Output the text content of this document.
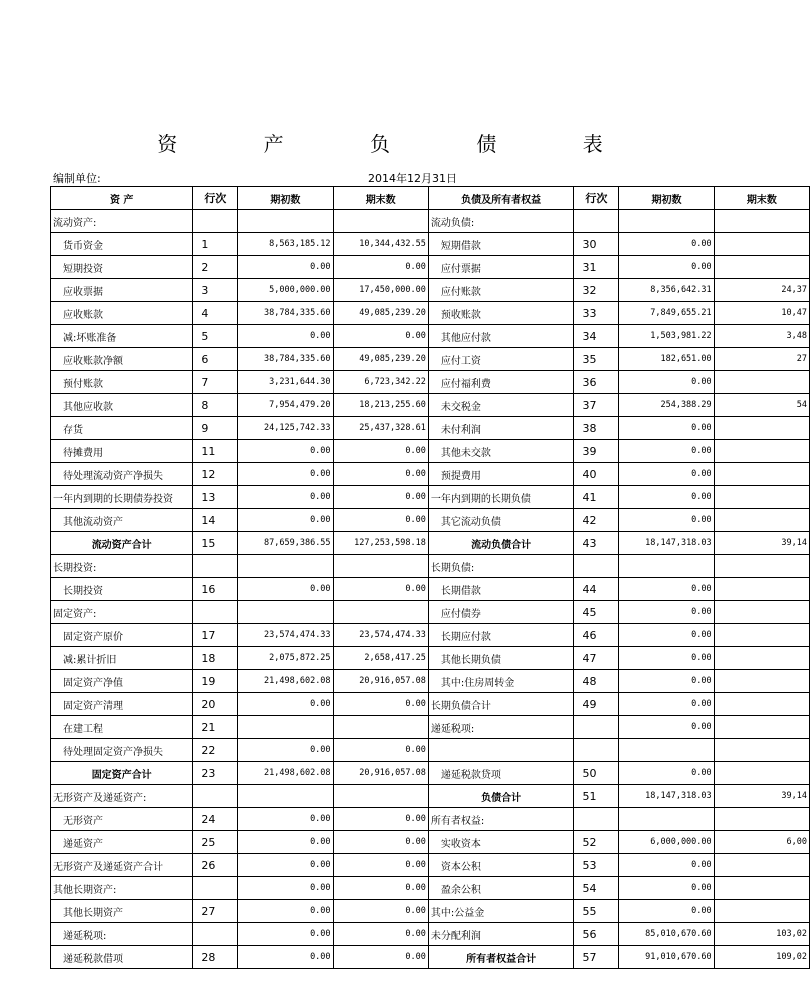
资 产 负 债 表
编制单位:	2014年12月31日
资 产	行次	期初数	期末数	负债及所有者权益	行次	期初数	期末数
流动资产:				流动负债:			
货币资金	1	8,563,185.12	10,344,432.55	短期借款	30	0.00	
短期投资	2	0.00	0.00	应付票据	31	0.00	
应收票据	3	5,000,000.00	17,450,000.00	应付账款	32	8,356,642.31	24,37
应收账款	4	38,784,335.60	49,085,239.20	预收账款	33	7,849,655.21	10,47
减:坏账准备	5	0.00	0.00	其他应付款	34	1,503,981.22	3,48
应收账款净额	6	38,784,335.60	49,085,239.20	应付工资	35	182,651.00	27
预付账款	7	3,231,644.30	6,723,342.22	应付福利费	36	0.00	
其他应收款	8	7,954,479.20	18,213,255.60	未交税金	37	254,388.29	54
存货	9	24,125,742.33	25,437,328.61	未付利润	38	0.00	
待摊费用	11	0.00	0.00	其他未交款	39	0.00	
待处理流动资产净损失	12	0.00	0.00	预提费用	40	0.00	
一年内到期的长期债券投资	13	0.00	0.00	一年内到期的长期负债	41	0.00	
其他流动资产	14	0.00	0.00	其它流动负债	42	0.00	
流动资产合计	15	87,659,386.55	127,253,598.18	流动负债合计	43	18,147,318.03	39,14
长期投资:				长期负债:			
长期投资	16	0.00	0.00	长期借款	44	0.00	
固定资产:				应付债券	45	0.00	
固定资产原价	17	23,574,474.33	23,574,474.33	长期应付款	46	0.00	
减:累计折旧	18	2,075,872.25	2,658,417.25	其他长期负债	47	0.00	
固定资产净值	19	21,498,602.08	20,916,057.08	其中:住房周转金	48	0.00	
固定资产清理	20	0.00	0.00	长期负债合计	49	0.00	
在建工程	21			递延税项:		0.00	
待处理固定资产净损失	22	0.00	0.00				
固定资产合计	23	21,498,602.08	20,916,057.08	递延税款贷项	50	0.00	
无形资产及递延资产:				负债合计	51	18,147,318.03	39,14
无形资产	24	0.00	0.00	所有者权益:			
递延资产	25	0.00	0.00	实收资本	52	6,000,000.00	6,00
无形资产及递延资产合计	26	0.00	0.00	资本公积	53	0.00	
其他长期资产:		0.00	0.00	盈余公积	54	0.00	
其他长期资产	27	0.00	0.00	其中:公益金	55	0.00	
递延税项:		0.00	0.00	未分配利润	56	85,010,670.60	103,02
递延税款借项	28	0.00	0.00	所有者权益合计	57	91,010,670.60	109,02
